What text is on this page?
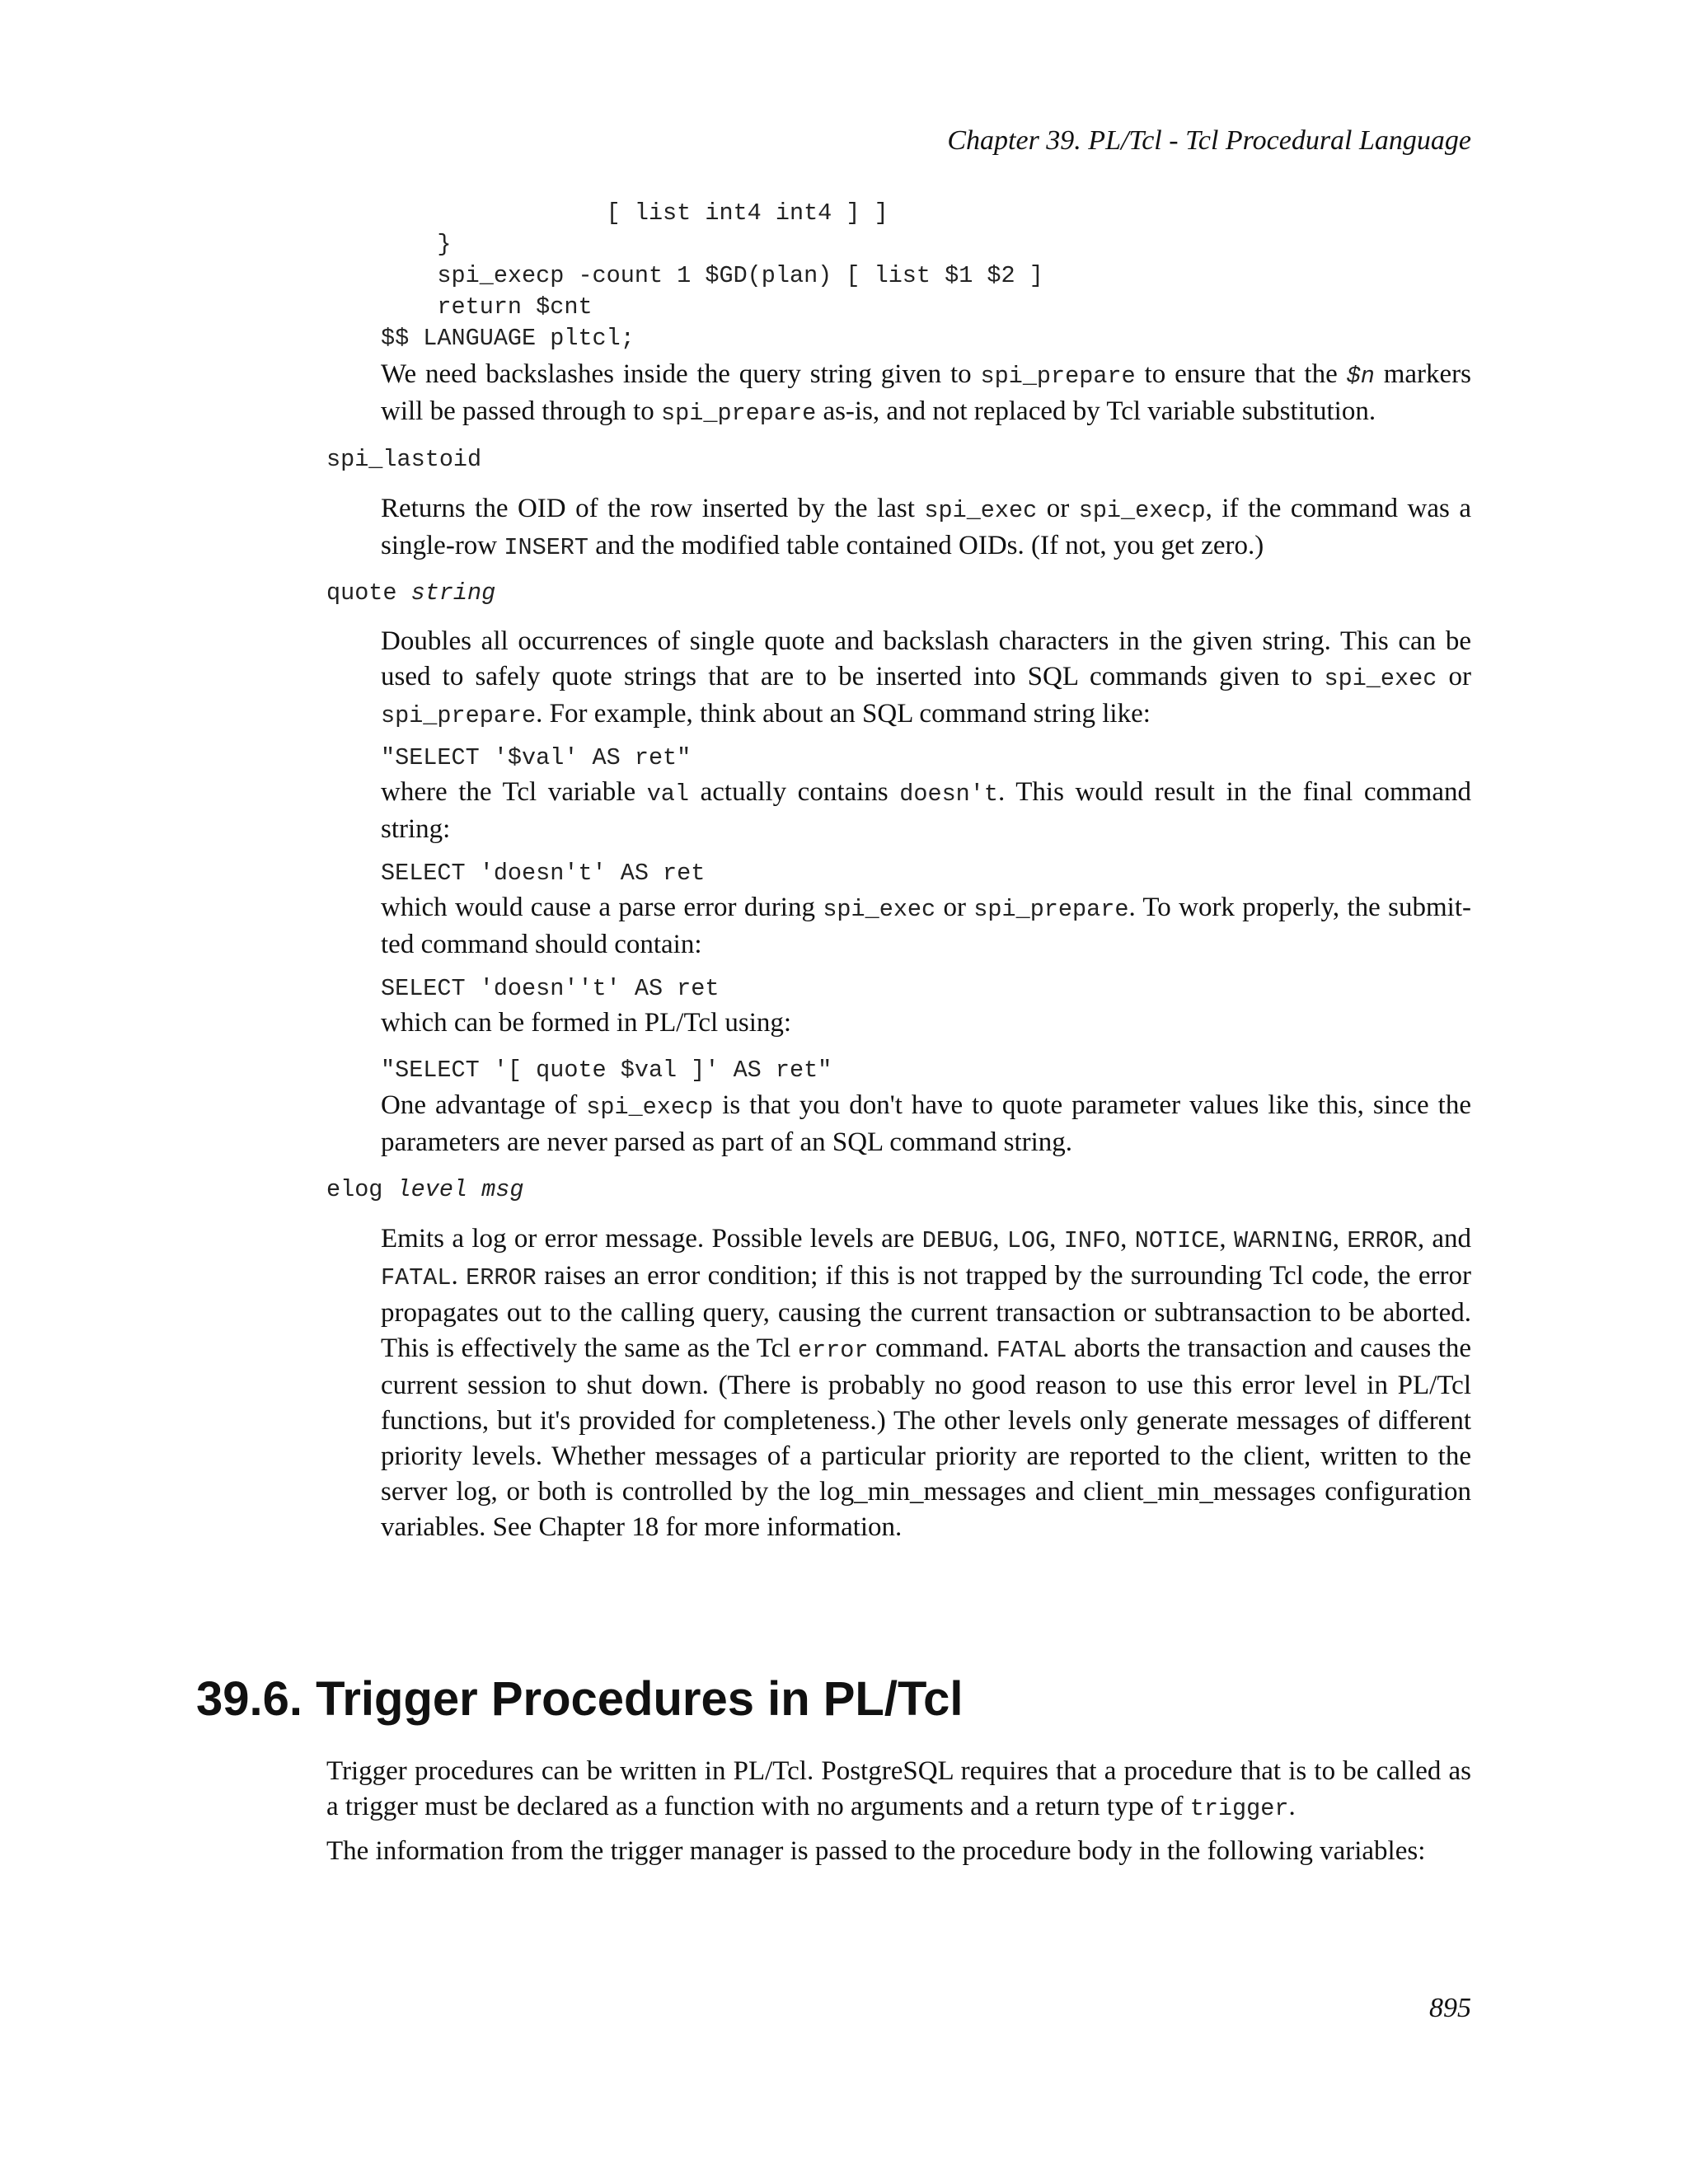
Chapter 39. PL/Tcl - Tcl Procedural Language
[ list int4 int4 ] ]
}
spi_execp -count 1 $GD(plan) [ list $1 $2 ]
return $cnt
$$ LANGUAGE pltcl;
We need backslashes inside the query string given to spi_prepare to ensure that the $n markers will be passed through to spi_prepare as-is, and not replaced by Tcl variable substitution.
spi_lastoid
Returns the OID of the row inserted by the last spi_exec or spi_execp, if the command was a single-row INSERT and the modified table contained OIDs. (If not, you get zero.)
quote string
Doubles all occurrences of single quote and backslash characters in the given string. This can be used to safely quote strings that are to be inserted into SQL commands given to spi_exec or spi_prepare. For example, think about an SQL command string like:
"SELECT '$val' AS ret"
where the Tcl variable val actually contains doesn't. This would result in the final command string:
SELECT 'doesn't' AS ret
which would cause a parse error during spi_exec or spi_prepare. To work properly, the submit-ted command should contain:
SELECT 'doesn''t' AS ret
which can be formed in PL/Tcl using:
"SELECT '[ quote $val ]' AS ret"
One advantage of spi_execp is that you don't have to quote parameter values like this, since the parameters are never parsed as part of an SQL command string.
elog level msg
Emits a log or error message. Possible levels are DEBUG, LOG, INFO, NOTICE, WARNING, ERROR, and FATAL. ERROR raises an error condition; if this is not trapped by the surrounding Tcl code, the error propagates out to the calling query, causing the current transaction or subtransaction to be aborted. This is effectively the same as the Tcl error command. FATAL aborts the transaction and causes the current session to shut down. (There is probably no good reason to use this error level in PL/Tcl functions, but it's provided for completeness.) The other levels only generate messages of different priority levels. Whether messages of a particular priority are reported to the client, written to the server log, or both is controlled by the log_min_messages and client_min_messages configuration variables. See Chapter 18 for more information.
39.6. Trigger Procedures in PL/Tcl
Trigger procedures can be written in PL/Tcl. PostgreSQL requires that a procedure that is to be called as a trigger must be declared as a function with no arguments and a return type of trigger.
The information from the trigger manager is passed to the procedure body in the following variables:
895
